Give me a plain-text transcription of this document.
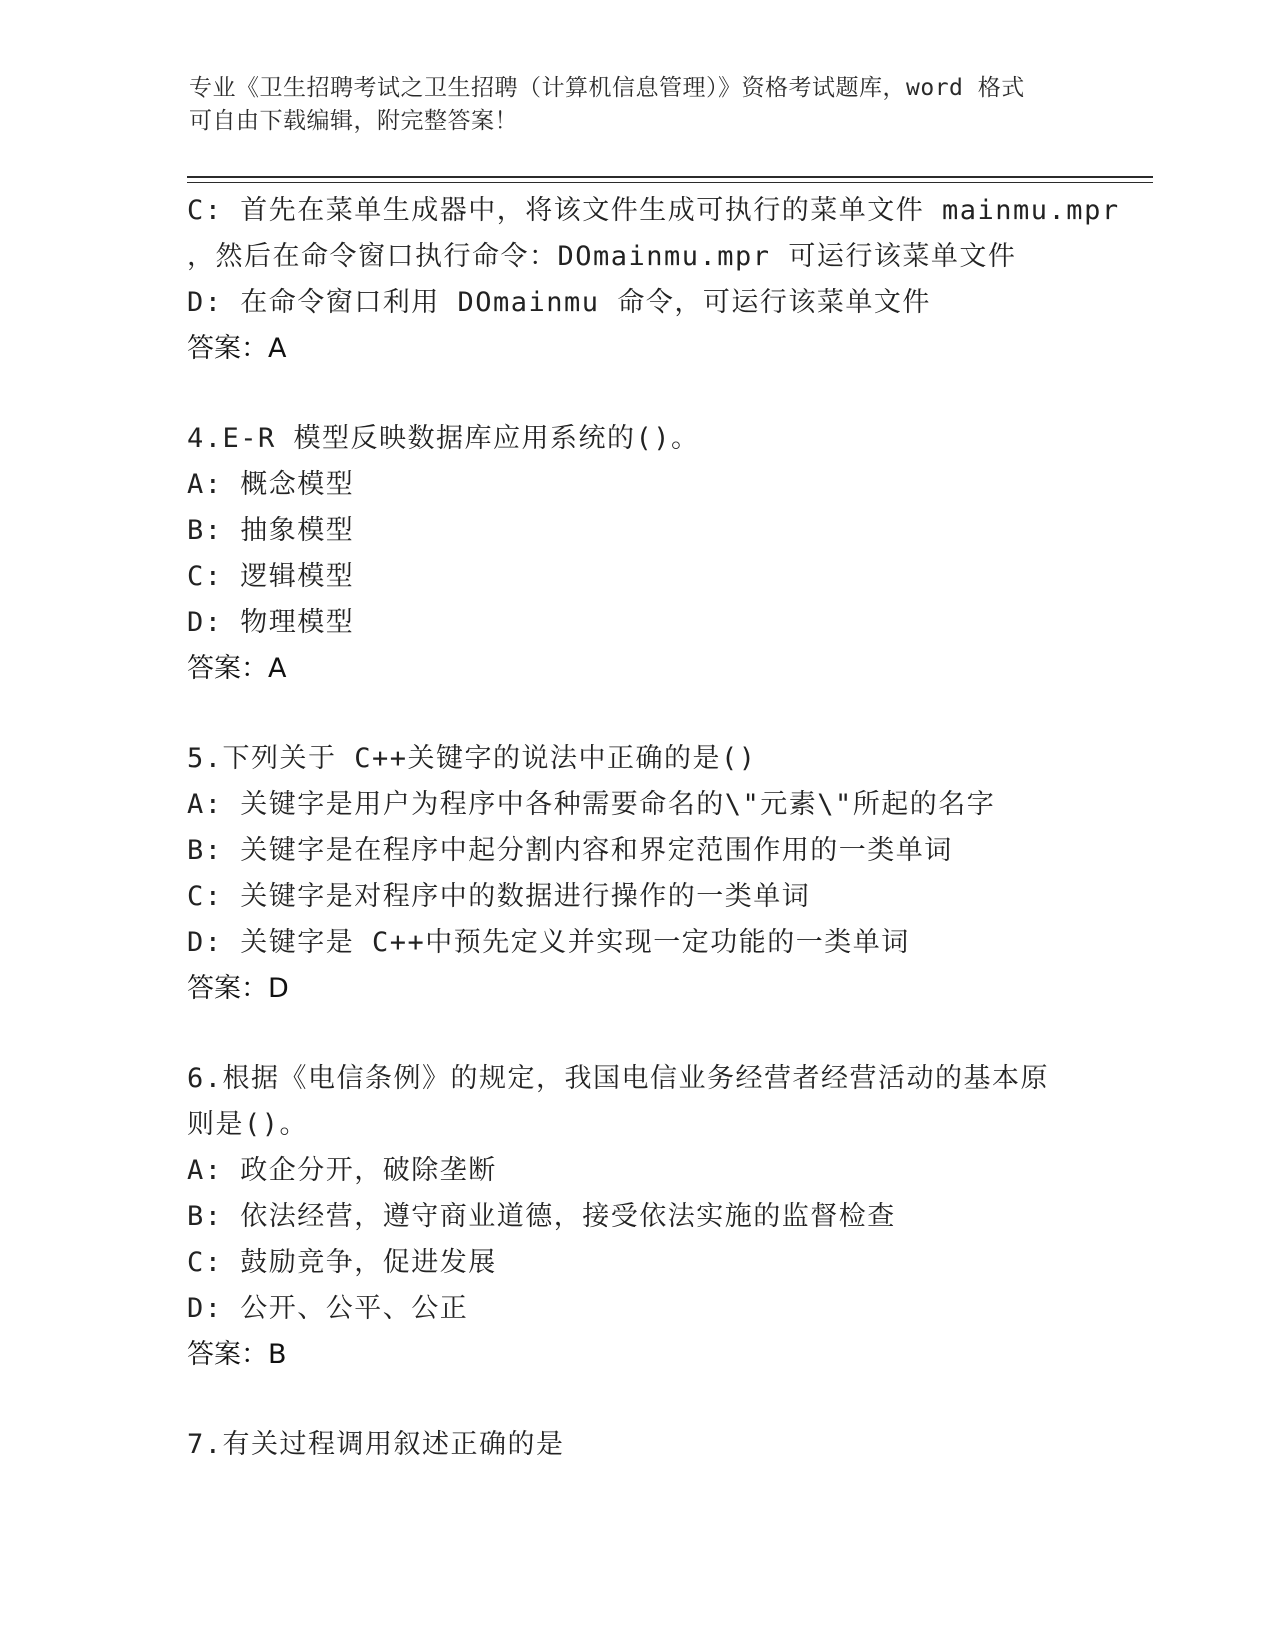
专业《卫生招聘考试之卫生招聘（计算机信息管理）》资格考试题库，word 格式
可自由下载编辑，附完整答案！
C: 首先在菜单生成器中，将该文件生成可执行的菜单文件 mainmu.mpr
，然后在命令窗口执行命令：DOmainmu.mpr 可运行该菜单文件
D: 在命令窗口利用 DOmainmu 命令，可运行该菜单文件
答案：A
4.E-R 模型反映数据库应用系统的()。
A: 概念模型
B: 抽象模型
C: 逻辑模型
D: 物理模型
答案：A
5.下列关于 C++关键字的说法中正确的是()
A: 关键字是用户为程序中各种需要命名的\"元素\"所起的名字
B: 关键字是在程序中起分割内容和界定范围作用的一类单词
C: 关键字是对程序中的数据进行操作的一类单词
D: 关键字是 C++中预先定义并实现一定功能的一类单词
答案：D
6.根据《电信条例》的规定，我国电信业务经营者经营活动的基本原
则是()。
A: 政企分开，破除垄断
B: 依法经营，遵守商业道德，接受依法实施的监督检查
C: 鼓励竞争，促进发展
D: 公开、公平、公正
答案：B
7.有关过程调用叙述正确的是
